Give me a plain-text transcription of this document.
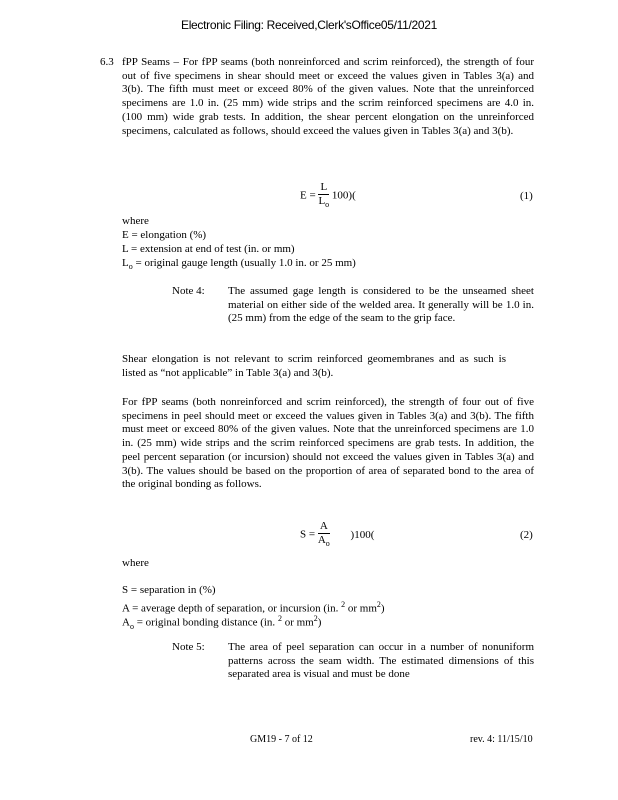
Electronic Filing: Received,Clerk'sOffice05/11/2021
6.3 fPP Seams – For fPP seams (both nonreinforced and scrim reinforced), the strength of four out of five specimens in shear should meet or exceed the values given in Tables 3(a) and 3(b). The fifth must meet or exceed 80% of the given values. Note that the unreinforced specimens are 1.0 in. (25 mm) wide strips and the scrim reinforced specimens are 4.0 in. (100 mm) wide grab tests. In addition, the shear percent elongation on the unreinforced specimens, calculated as follows, should exceed the values given in Tables 3(a) and 3(b).
$E = \frac{L}{L_o} 100$)(	(1)
where
E = elongation (%)
L = extension at end of test (in. or mm)
$L_o$ = original gauge length (usually 1.0 in. or 25 mm)
Note 4: The assumed gage length is considered to be the unseamed sheet material on either side of the welded area. It generally will be 1.0 in. (25 mm) from the edge of the seam to the grip face.
Shear elongation is not relevant to scrim reinforced geomembranes and as such is listed as “not applicable” in Table 3(a) and 3(b).
For fPP seams (both nonreinforced and scrim reinforced), the strength of four out of five specimens in peel should meet or exceed the values given in Tables 3(a) and 3(b). The fifth must meet or exceed 80% of the given values. Note that the unreinforced specimens are 1.0 in. (25 mm) wide strips and the scrim reinforced specimens are grab tests. In addition, the peel percent separation (or incursion) should not exceed the values given in Tables 3(a) and 3(b). The values should be based on the proportion of area of separated bond to the area of the original bonding as follows.
$S = \frac{A}{A_o} )100$(	(2)
where
S = separation in (%)
A = average depth of separation, or incursion (in. $^2$ or $mm^2$)
$A_o$ = original bonding distance (in. $^2$ or $mm^2$)
Note 5: The area of peel separation can occur in a number of nonuniform patterns across the seam width. The estimated dimensions of this separated area is visual and must be done
GM19 - 7 of 12	rev. 4: 11/15/10
